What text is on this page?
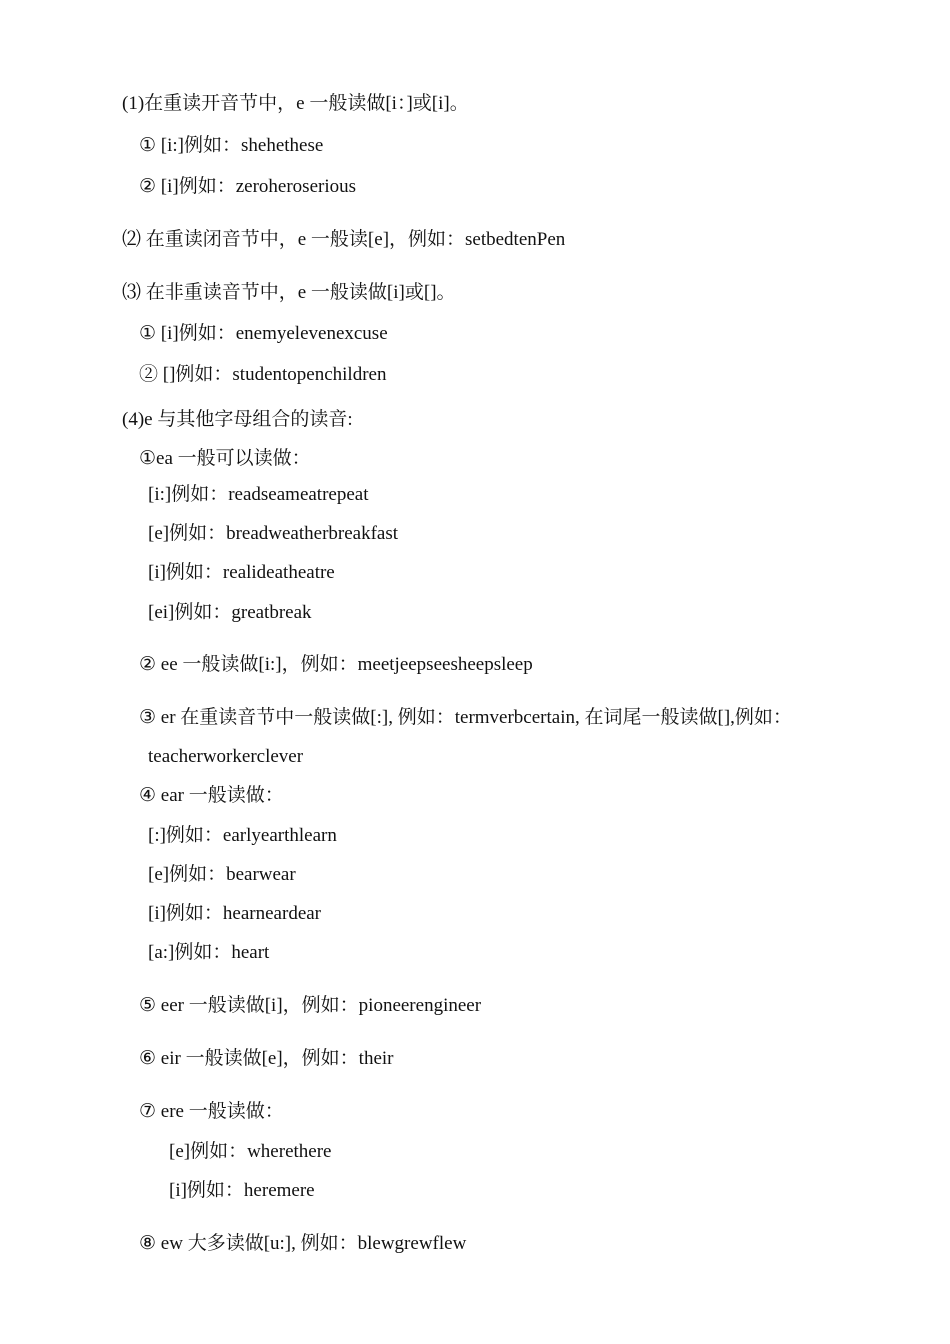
(1)在重读开音节中，e 一般读做[i：]或[i]。
① [i:]例如：shehethese
② [i]例如：zeroheroserious
⑵ 在重读闭音节中，e 一般读[e]，例如：setbedtenPen
⑶ 在非重读音节中，e 一般读做[i]或[]。
① [i]例如：enemyelevenexcuse
② []例如：studentopenchildren
(4)e 与其他字母组合的读音:
①ea 一般可以读做：
[i:]例如：readseameatrepeat
[e]例如：breadweatherbreakfast
[i]例如：realideatheatre
[ei]例如：greatbreak
② ee 一般读做[i:]，例如：meetjeepseesheepsleep
③ er 在重读音节中一般读做[:], 例如：termverbcertain, 在词尾一般读做[],例如：
teacherworkerclever
④ ear 一般读做：
[:]例如：earlyearthlearn
[e]例如：bearwear
[i]例如：hearneardear
[a:]例如：heart
⑤ eer 一般读做[i]，例如：pioneerengineer
⑥ eir 一般读做[e]，例如：their
⑦ ere 一般读做：
[e]例如：wherethere
[i]例如：heremere
⑧ ew 大多读做[u:], 例如：blewgrewflew
